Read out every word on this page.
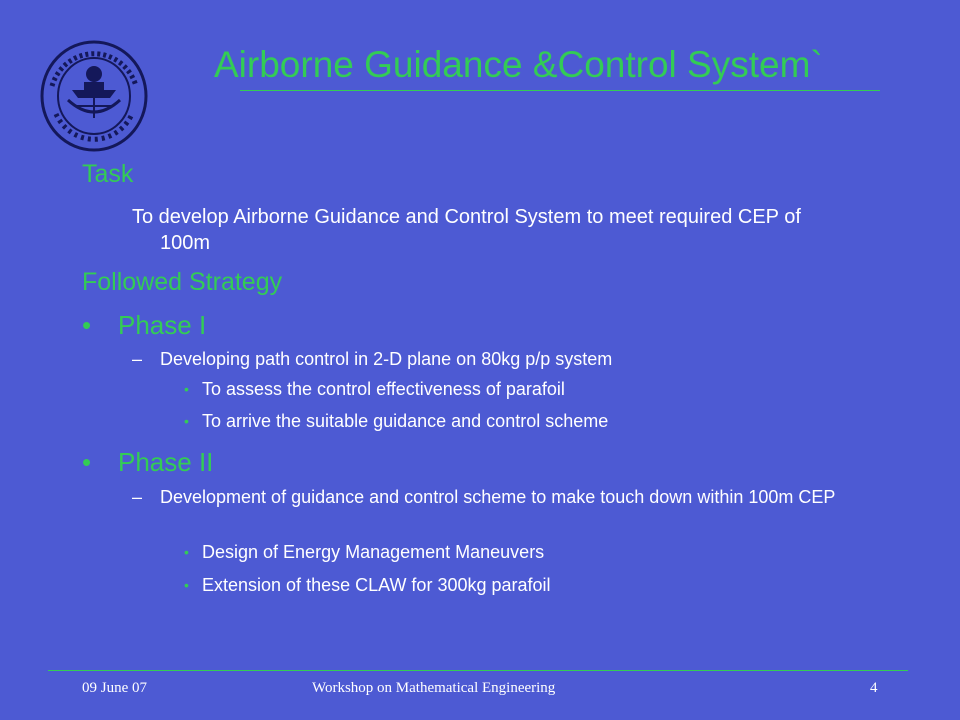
Airborne Guidance &Control System`
Task
To develop Airborne Guidance and Control System to meet required CEP of 100m
Followed Strategy
• Phase I
– Developing path control in 2-D plane on 80kg p/p system
• To assess the control effectiveness of parafoil
• To arrive the suitable guidance and control scheme
• Phase II
– Development of guidance and control scheme to make touch down within 100m CEP
• Design of Energy Management Maneuvers
• Extension of these CLAW for 300kg parafoil
09 June 07	Workshop on Mathematical Engineering	4
